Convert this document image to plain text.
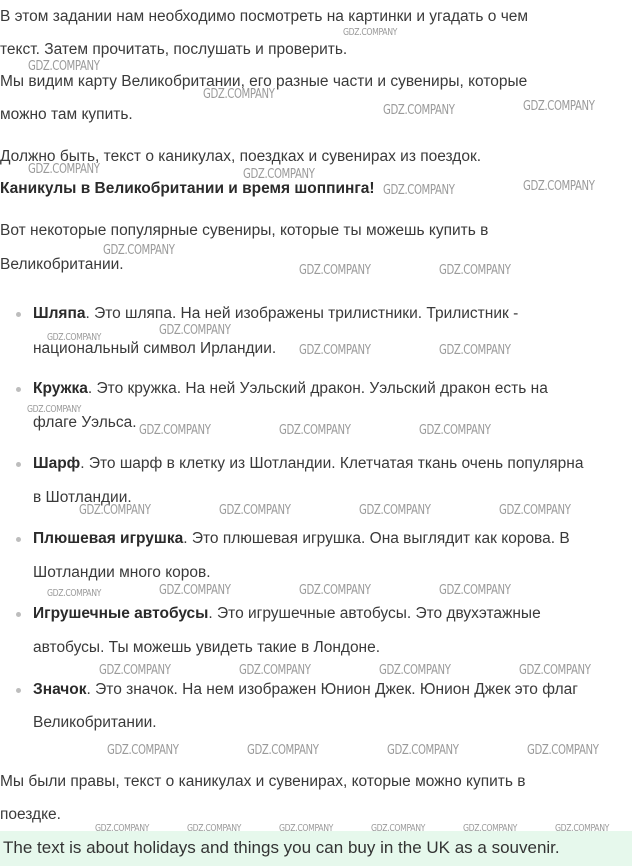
В этом задании нам необходимо посмотреть на картинки и угадать о чем
текст. Затем прочитать, послушать и проверить.
Мы видим карту Великобритании, его разные части и сувениры, которые
можно там купить.
Должно быть, текст о каникулах, поездках и сувенирах из поездок.
Каникулы в Великобритании и время шоппинга!
Вот некоторые популярные сувениры, которые ты можешь купить в
Великобритании.
Шляпа. Это шляпа. На ней изображены трилистники. Трилистник -
национальный символ Ирландии.
Кружка. Это кружка. На ней Уэльский дракон. Уэльский дракон есть на
флаге Уэльса.
Шарф. Это шарф в клетку из Шотландии. Клетчатая ткань очень популярна
в Шотландии.
Плюшевая игрушка. Это плюшевая игрушка. Она выглядит как корова. В
Шотландии много коров.
Игрушечные автобусы. Это игрушечные автобусы. Это двухэтажные
автобусы. Ты можешь увидеть такие в Лондоне.
Значок. Это значок. На нем изображен Юнион Джек. Юнион Джек это флаг
Великобритании.
Мы были правы, текст о каникулах и сувенирах, которые можно купить в
поездке.
GDZ.COMPANY
GDZ.COMPANY
GDZ.COMPANY
GDZ.COMPANY	GDZ.COMPANY
GDZ.COMPANY	GDZ.COMPANY
GDZ.COMPANY	GDZ.COMPANY
GDZ.COMPANY
GDZ.COMPANY	GDZ.COMPANY
GDZ.COMPANY	GDZ.COMPANY
GDZ.COMPANY	GDZ.COMPANY
GDZ.COMPANY
GDZ.COMPANY	GDZ.COMPANY	GDZ.COMPANY
GDZ.COMPANY	GDZ.COMPANY	GDZ.COMPANY	GDZ.COMPANY
GDZ.COMPANY	GDZ.COMPANY	GDZ.COMPANY	GDZ.COMPANY
GDZ.COMPANY	GDZ.COMPANY	GDZ.COMPANY	GDZ.COMPANY
GDZ.COMPANY	GDZ.COMPANY	GDZ.COMPANY	GDZ.COMPANY
GDZ.COMPANY	GDZ.COMPANY	GDZ.COMPANY	GDZ.COMPANY	GDZ.COMPANY	GDZ.COMPANY
The text is about holidays and things you can buy in the UK as a souvenir.
